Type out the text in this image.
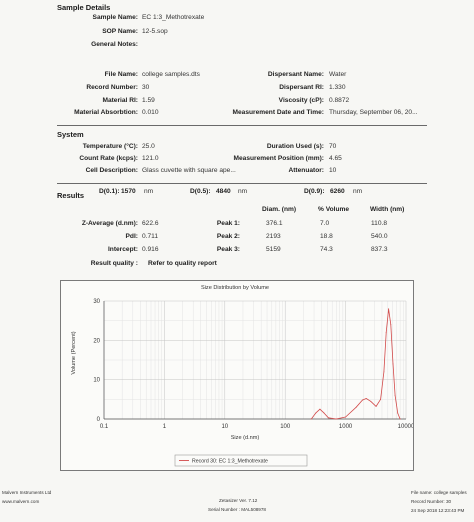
Sample Details
Sample Name: EC 1:3_Methotrexate
SOP Name: 12-5.sop
General Notes:
File Name: college samples.dts
Record Number: 30
Material RI: 1.59
Material Absorbtion: 0.010
Dispersant Name: Water
Dispersant RI: 1.330
Viscosity (cP): 0.8872
Measurement Date and Time: Thursday, September 06, 20...
System
Temperature (°C): 25.0
Count Rate (kcps): 121.0
Cell Description: Glass cuvette with square ape...
Duration Used (s): 70
Measurement Position (mm): 4.65
Attenuator: 10
Results D(0.1): 1570 nm	D(0.5): 4840 nm	D(0.9): 6260 nm
Diam. (nm)	% Volume	Width (nm)
Z-Average (d.nm): 622.6
PdI: 0.711
Intercept: 0.916
Peak 1:	376.1	7.0	110.8
Peak 2:	2193	18.8	540.0
Peak 3:	5159	74.3	837.3
Result quality : Refer to quality report
Size Distribution by Volume
0.1	1	10	100	1000	10000
0
10
20
30
Size (d.nm)
Volume (Percent)
Record 30: EC 1:3_Methotrexate
Malvern Instruments Ltd
www.malvern.com	Zetasizer Ver. 7.12
Serial Number : MAL508978
File name: college samples
Record Number: 30
24 Sep 2018 12:23:43 PM
